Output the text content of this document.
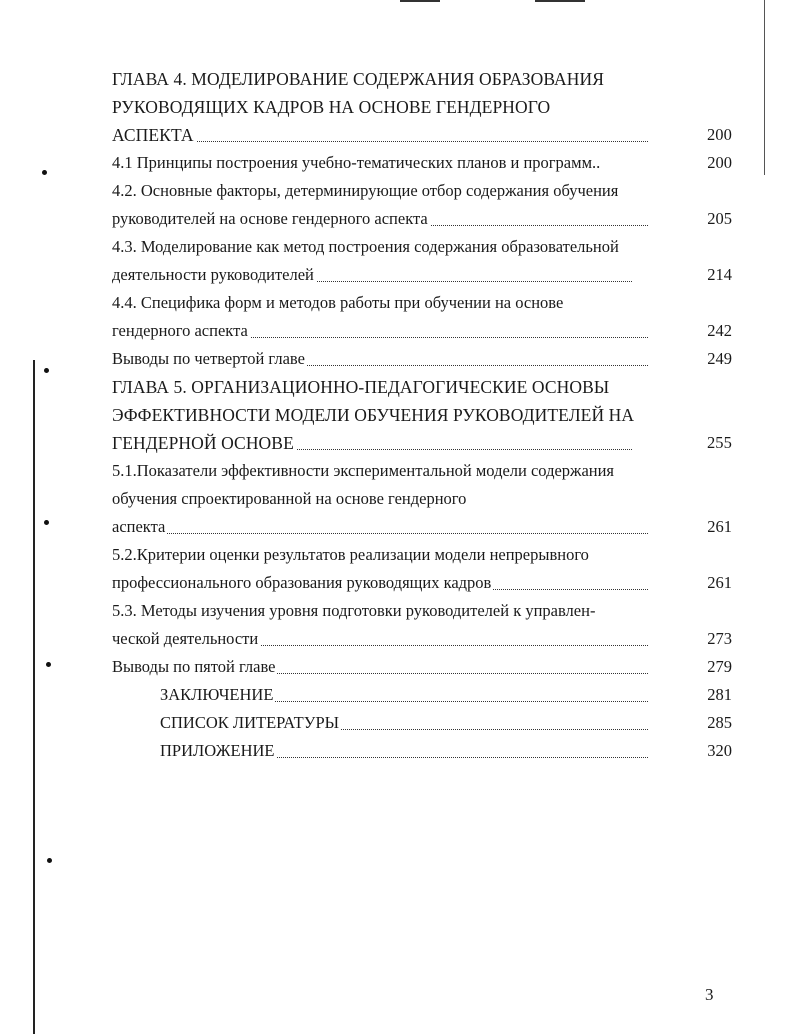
ГЛАВА 4. МОДЕЛИРОВАНИЕ СОДЕРЖАНИЯ ОБРАЗОВАНИЯ
РУКОВОДЯЩИХ КАДРОВ НА ОСНОВЕ ГЕНДЕРНОГО
АСПЕКТА	200
4.1 Принципы построения учебно-тематических планов и программ..	200
4.2. Основные факторы, детерминирующие отбор содержания обучения
руководителей на основе гендерного аспекта	205
4.3. Моделирование как метод построения содержания образовательной
деятельности руководителей	214
4.4. Специфика форм и методов работы при обучении на основе
гендерного аспекта	242
Выводы по четвертой главе	249
ГЛАВА 5. ОРГАНИЗАЦИОННО-ПЕДАГОГИЧЕСКИЕ ОСНОВЫ
ЭФФЕКТИВНОСТИ МОДЕЛИ ОБУЧЕНИЯ РУКОВОДИТЕЛЕЙ НА
ГЕНДЕРНОЙ ОСНОВЕ	255
5.1.Показатели эффективности экспериментальной модели содержания
обучения спроектированной на основе гендерного
аспекта	261
5.2.Критерии оценки результатов реализации модели непрерывного
профессионального образования руководящих кадров	261
5.3. Методы изучения уровня подготовки руководителей к управлен-
ческой деятельности	273
Выводы по пятой главе	279
ЗАКЛЮЧЕНИЕ	281
СПИСОК ЛИТЕРАТУРЫ	285
ПРИЛОЖЕНИЕ	320
3
